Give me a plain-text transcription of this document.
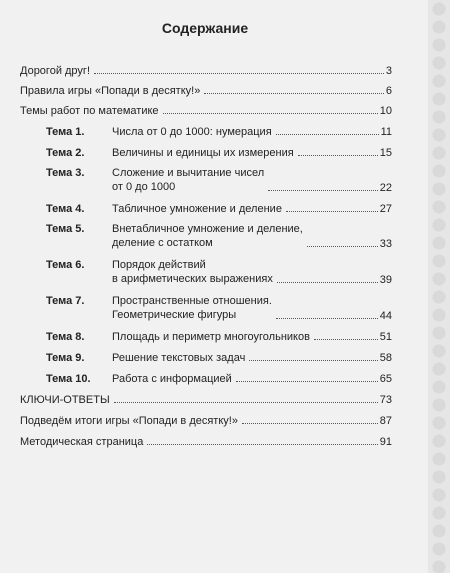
Содержание
Дорогой друг!	3
Правила игры «Попади в десятку!»	6
Темы работ по математике	10
Тема 1.	Числа от 0 до 1000: нумерация	11
Тема 2.	Величины и единицы их измерения	15
Тема 3.	Сложение и вычитание чисел
от 0 до 1000	22
Тема 4.	Табличное умножение и деление	27
Тема 5.	Внетабличное умножение и деление,
деление с остатком	33
Тема 6.	Порядок действий
в арифметических выражениях	39
Тема 7.	Пространственные отношения.
Геометрические фигуры	44
Тема 8.	Площадь и периметр многоугольников	51
Тема 9.	Решение текстовых задач	58
Тема 10. Работа с информацией	65
КЛЮЧИ-ОТВЕТЫ	73
Подведём итоги игры «Попади в десятку!»	87
Методическая страница	91
